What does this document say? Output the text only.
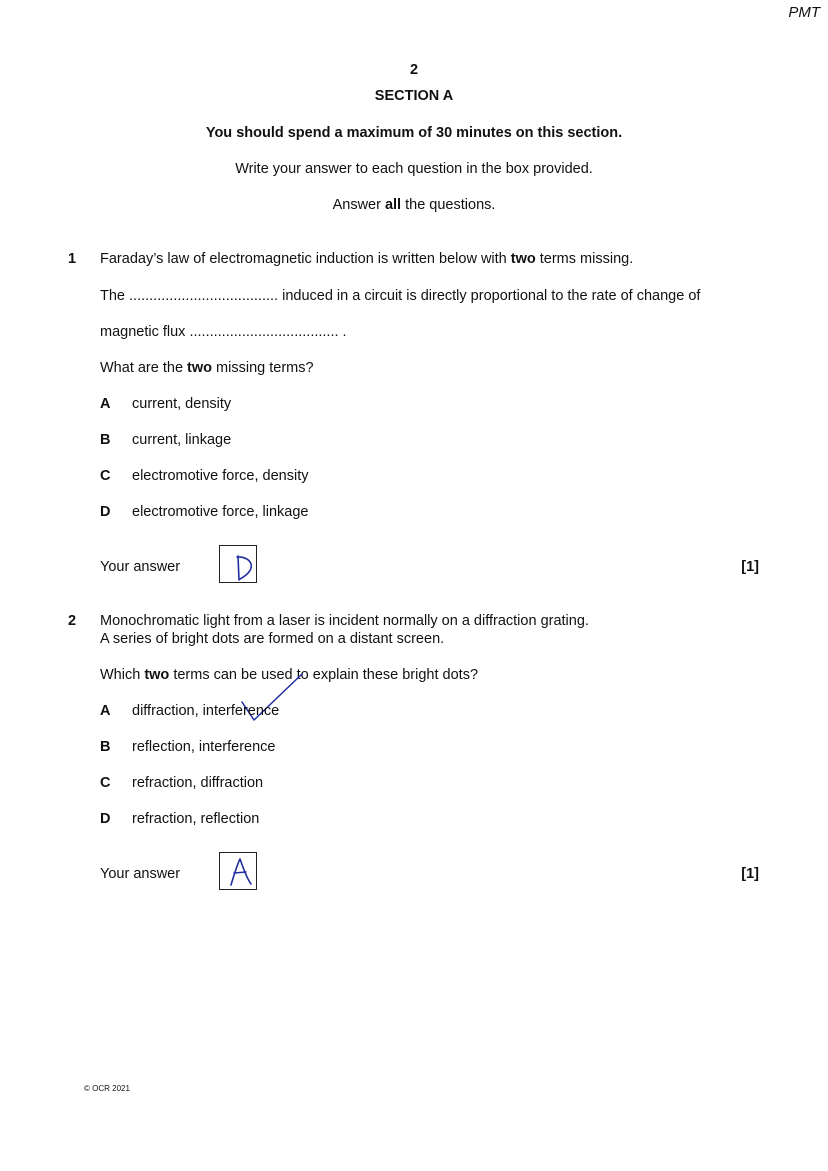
PMT
2
SECTION A
You should spend a maximum of 30 minutes on this section.
Write your answer to each question in the box provided.
Answer all the questions.
1 Faraday’s law of electromagnetic induction is written below with two terms missing.
The ..................................... induced in a circuit is directly proportional to the rate of change of
magnetic flux ..................................... .
What are the two missing terms?
A current, density
B current, linkage
C electromotive force, density
D electromotive force, linkage
Your answer	[1]
2 Monochromatic light from a laser is incident normally on a diffraction grating.
A series of bright dots are formed on a distant screen.
Which two terms can be used to explain these bright dots?
A diffraction, interference
B reflection, interference
C refraction, diffraction
D refraction, reflection
Your answer	[1]
© OCR 2021
